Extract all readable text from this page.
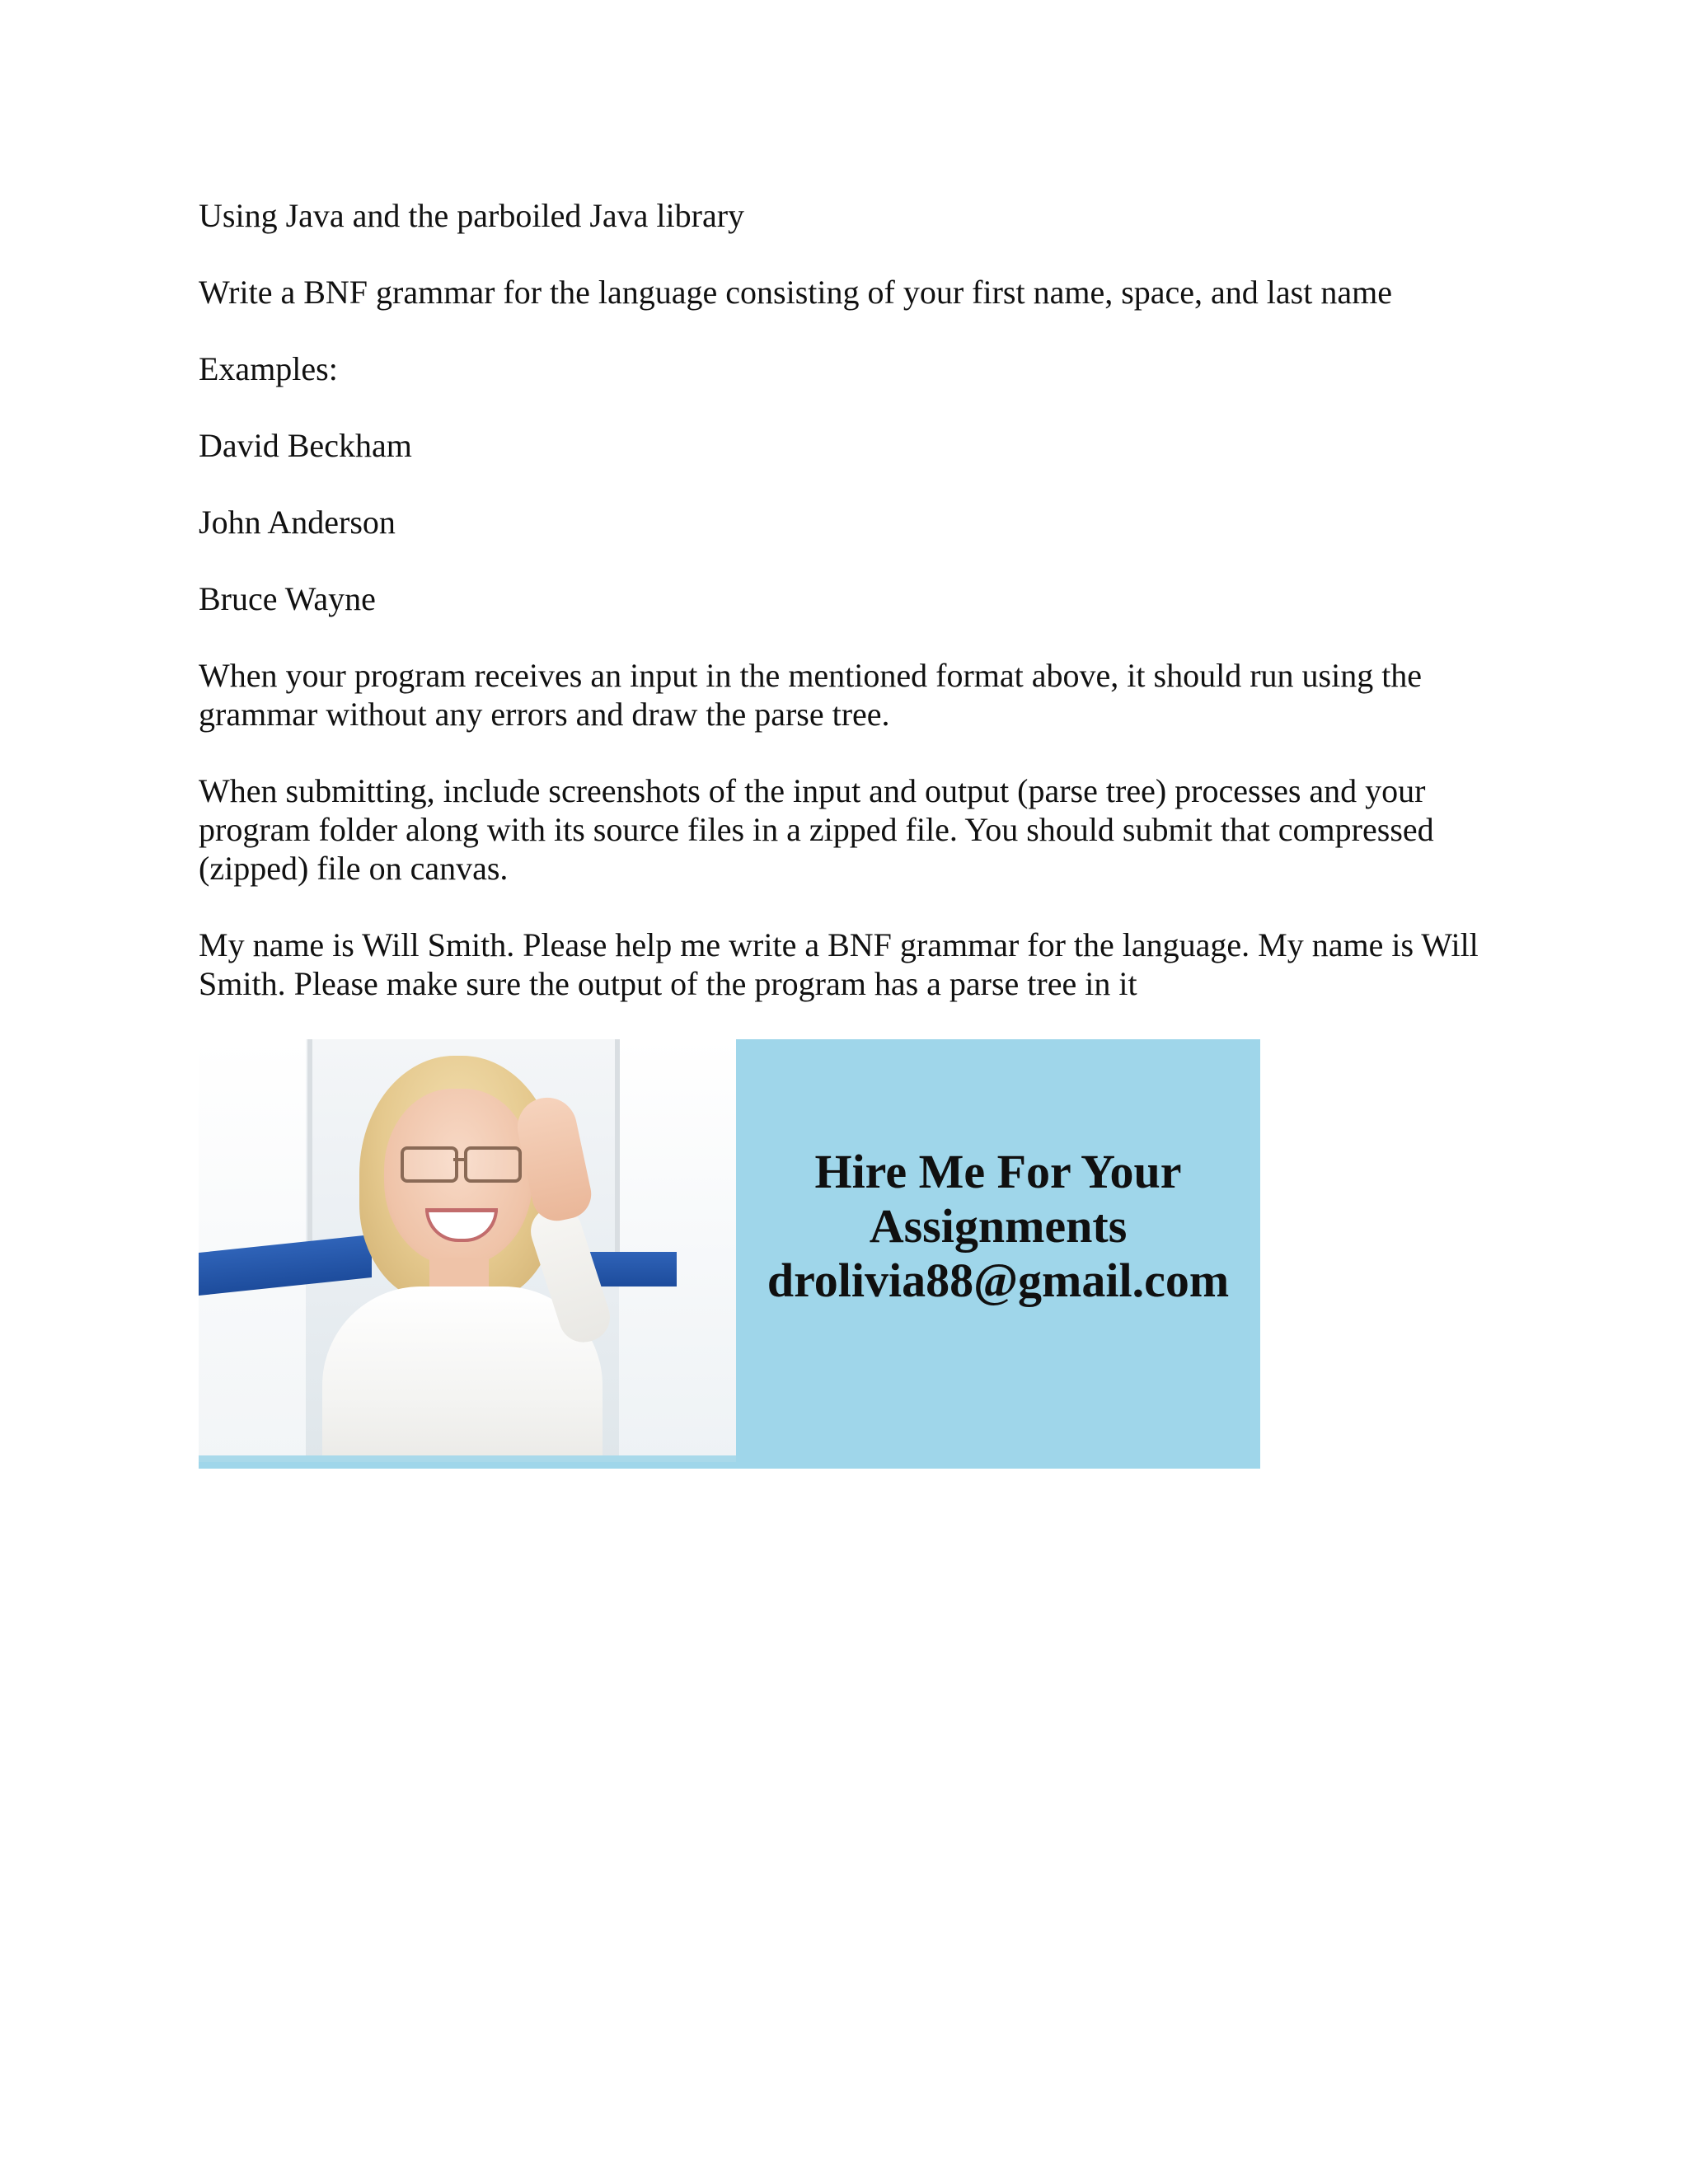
Using Java and the parboiled Java library

Write a BNF grammar for the language consisting of your first name, space, and last name

Examples:

David Beckham

John Anderson

Bruce Wayne

When your program receives an input in the mentioned format above, it should run using the grammar without any errors and draw the parse tree.

When submitting, include screenshots of the input and output (parse tree) processes and your program folder along with its source files in a zipped file. You should submit that compressed (zipped) file on canvas.

My name is Will Smith. Please help me write a BNF grammar for the language. My name is Will Smith. Please make sure the output of the program has a parse tree in it

Hire Me For Your
Assignments
drolivia88@gmail.com
